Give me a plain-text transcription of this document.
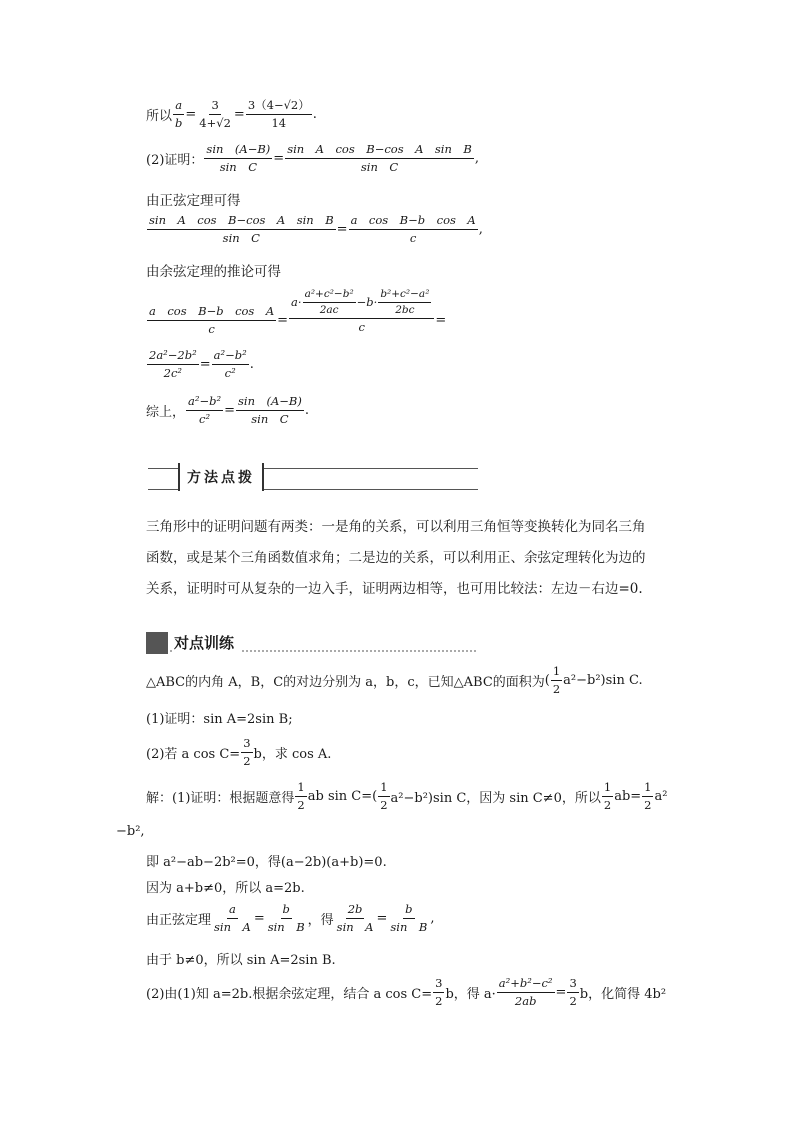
所以 $\frac{a}{b} = \frac{3}{4+√2} = \frac{3(4-√2)}{14}$ .
(2)证明： $\frac{\sin (A-B)}{\text{sin　C}} = \frac{\text{sin　A　cos　B−cos　A　sin　B}}{\text{sin　C}}$ ,
由正弦定理可得
$\frac{\text{sin　A　cos　B−cos　A　sin　B}}{\text{sin　C}} = \frac{\text{a　cos　B−b　cos　A}}{c}$ ,
由余弦定理的推论可得
$\frac{\text{a　cos　B−b　cos　A}}{c}$ =
$a\cdot \frac{\text{a²+c²−b²}}{2ac} -b\cdot \frac{\text{b²+c²−a²}}{2bc}$
c	=
$\frac{\text{2a²−2b²}}{\text{2c²}} = \frac{\text{a²−b²}}{\text{c²}}$ .
综上， $\frac{\text{a²−b²}}{\text{c²}} = \frac{\sin (A-B)}{\text{sin　C}}$ .
方法点拨
三角形中的证明问题有两类：一是角的关系，可以利用三角恒等变换转化为同名三角函数，或是某个三角函数值求角；二是边的关系，可以利用正、余弦定理转化为边的关系，证明时可从复杂的一边入手，证明两边相等，也可用比较法：左边－右边=0.
对点训练
△ABC的内角 A，B，C的对边分别为 a，b，c，已知△ABC的面积为 ( $\frac{1}{2} a^2-b^2)\sin$ C.
(1)证明：sin A=2sin B;
(2)若 a $\cos C= \frac{3}{2}$ b，求 cos A.
解：(1)证明：根据题意得 $\frac{1}{2}$ ab $\sin C=( \frac{1}{2} a^2-b^2)\sin$ C，因为 sin C≠0，所以 $\frac{1}{2} ab= \frac{1}{2} a^2$
−b²,
即 a²−ab−2b²=0，得(a−2b)(a+b)=0.
因为 a+b≠0，所以 a=2b.
由正弦定理 $\frac{a}{\text{sin　A}} = \frac{b}{\text{sin　B}}$ ，得 $\frac{2b}{\text{sin　A}} = \frac{b}{\text{sin　B}}$ ,
由于 b≠0，所以 sin A=2sin B.
(2)由(1)知 a=2b.根据余弦定理，结合 a $\cos C= \frac{3}{2}$ b，得 $a\cdot \frac{\text{a²+b²−c²}}{2ab} = \frac{3}{2}$ b，化简得 4b²
